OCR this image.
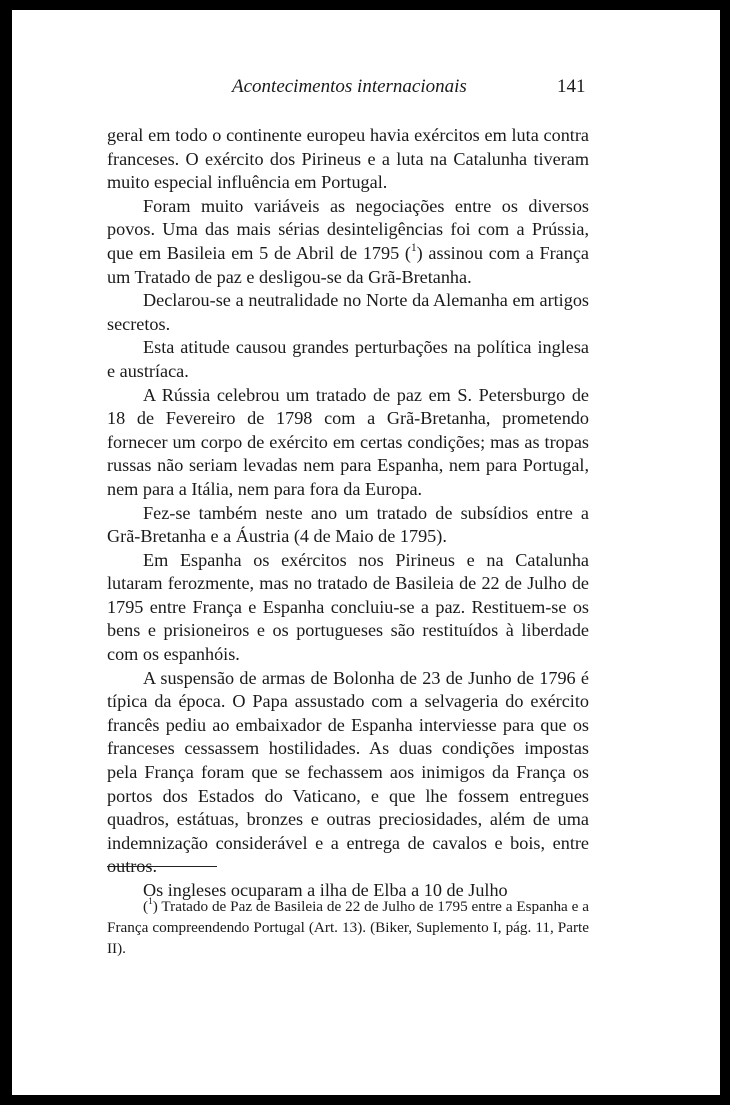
Acontecimentos internacionais	141

geral em todo o continente europeu havia exércitos em luta contra franceses. O exército dos Pirineus e a luta na Catalunha tiveram muito especial influência em Portugal.

Foram muito variáveis as negociações entre os diversos povos. Uma das mais sérias desinteligências foi com a Prússia, que em Basileia em 5 de Abril de 1795 ($^1$) assinou com a França um Tratado de paz e desligou-se da Grã-Bretanha.

Declarou-se a neutralidade no Norte da Alemanha em artigos secretos.

Esta atitude causou grandes perturbações na política inglesa e austríaca.

A Rússia celebrou um tratado de paz em S. Petersburgo de 18 de Fevereiro de 1798 com a Grã-Bretanha, prometendo fornecer um corpo de exército em certas condições; mas as tropas russas não seriam levadas nem para Espanha, nem para Portugal, nem para a Itália, nem para fora da Europa.

Fez-se também neste ano um tratado de subsídios entre a Grã-Bretanha e a Áustria (4 de Maio de 1795).

Em Espanha os exércitos nos Pirineus e na Catalunha lutaram ferozmente, mas no tratado de Basileia de 22 de Julho de 1795 entre França e Espanha concluiu-se a paz. Restituem-se os bens e prisioneiros e os portugueses são restituídos à liberdade com os espanhóis.

A suspensão de armas de Bolonha de 23 de Junho de 1796 é típica da época. O Papa assustado com a selvageria do exército francês pediu ao embaixador de Espanha interviesse para que os franceses cessassem hostilidades. As duas condições impostas pela França foram que se fechassem aos inimigos da França os portos dos Estados do Vaticano, e que lhe fossem entregues quadros, estátuas, bronzes e outras preciosidades, além de uma indemnização considerável e a entrega de cavalos e bois, entre outros.

Os ingleses ocuparam a ilha de Elba a 10 de Julho

($^1$) Tratado de Paz de Basileia de 22 de Julho de 1795 entre a Espanha e a França compreendendo Portugal (Art. 13). (Biker, Suplemento I, pág. 11, Parte II).
